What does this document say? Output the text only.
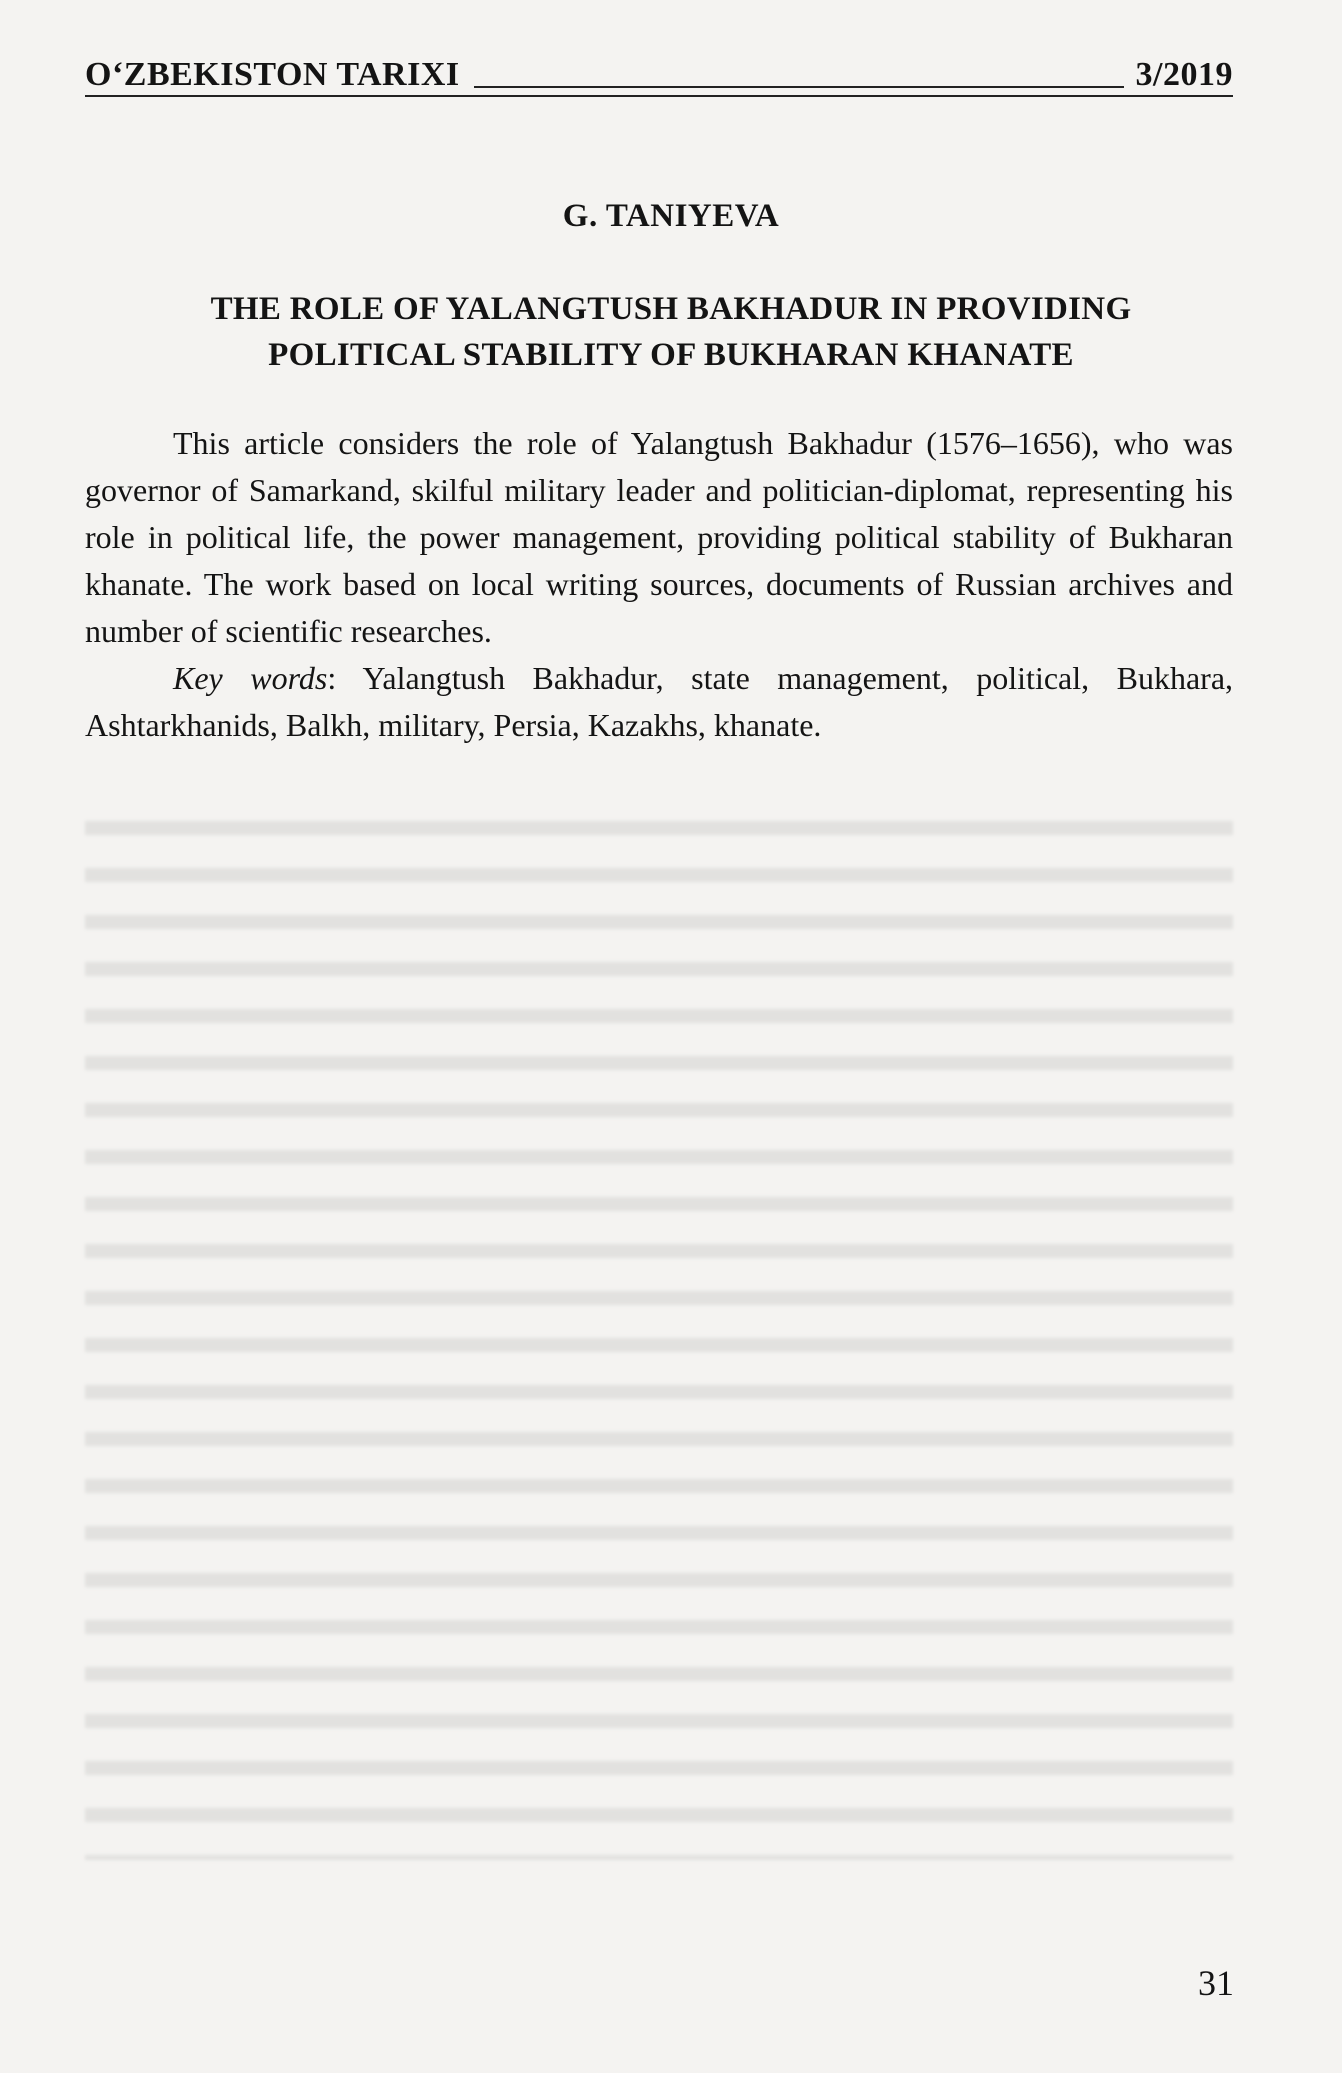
O‘ZBEKISTON TARIXI	3/2019
G. TANIYEVA
THE ROLE OF YALANGTUSH BAKHADUR IN PROVIDING
POLITICAL STABILITY OF BUKHARAN KHANATE

This article considers the role of Yalangtush Bakhadur (1576–1656), who was governor of Samarkand, skilful military leader and politician-diplomat, representing his role in political life, the power management, providing political stability of Bukharan khanate. The work based on local writing sources, documents of Russian archives and number of scientific researches.

Key words: Yalangtush Bakhadur, state management, political, Bukhara, Ashtarkhanids, Balkh, military, Persia, Kazakhs, khanate.

31
